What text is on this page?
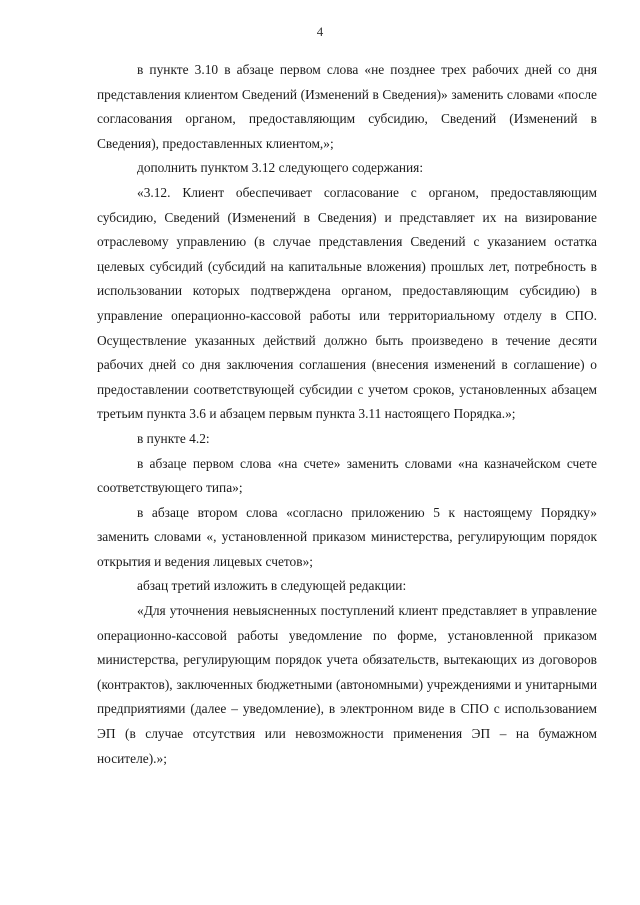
4

в пункте 3.10 в абзаце первом слова «не позднее трех рабочих дней со дня представления клиентом Сведений (Изменений в Сведения)» заменить словами «после согласования органом, предоставляющим субсидию, Сведений (Изменений в Сведения), предоставленных клиентом,»;

дополнить пунктом 3.12 следующего содержания:

«3.12. Клиент обеспечивает согласование с органом, предоставляющим субсидию, Сведений (Изменений в Сведения) и представляет их на визирование отраслевому управлению (в случае представления Сведений с указанием остатка целевых субсидий (субсидий на капитальные вложения) прошлых лет, потребность в использовании которых подтверждена органом, предоставляющим субсидию) в управление операционно-кассовой работы или территориальному отделу в СПО. Осуществление указанных действий должно быть произведено в течение десяти рабочих дней со дня заключения соглашения (внесения изменений в соглашение) о предоставлении соответствующей субсидии с учетом сроков, установленных абзацем третьим пункта 3.6 и абзацем первым пункта 3.11 настоящего Порядка.»;

в пункте 4.2:

в абзаце первом слова «на счете» заменить словами «на казначейском счете соответствующего типа»;

в абзаце втором слова «согласно приложению 5 к настоящему Порядку» заменить словами «, установленной приказом министерства, регулирующим порядок открытия и ведения лицевых счетов»;

абзац третий изложить в следующей редакции:

«Для уточнения невыясненных поступлений клиент представляет в управление операционно-кассовой работы уведомление по форме, установленной приказом министерства, регулирующим порядок учета обязательств, вытекающих из договоров (контрактов), заключенных бюджетными (автономными) учреждениями и унитарными предприятиями (далее – уведомление), в электронном виде в СПО с использованием ЭП (в случае отсутствия или невозможности применения ЭП – на бумажном носителе).»;
